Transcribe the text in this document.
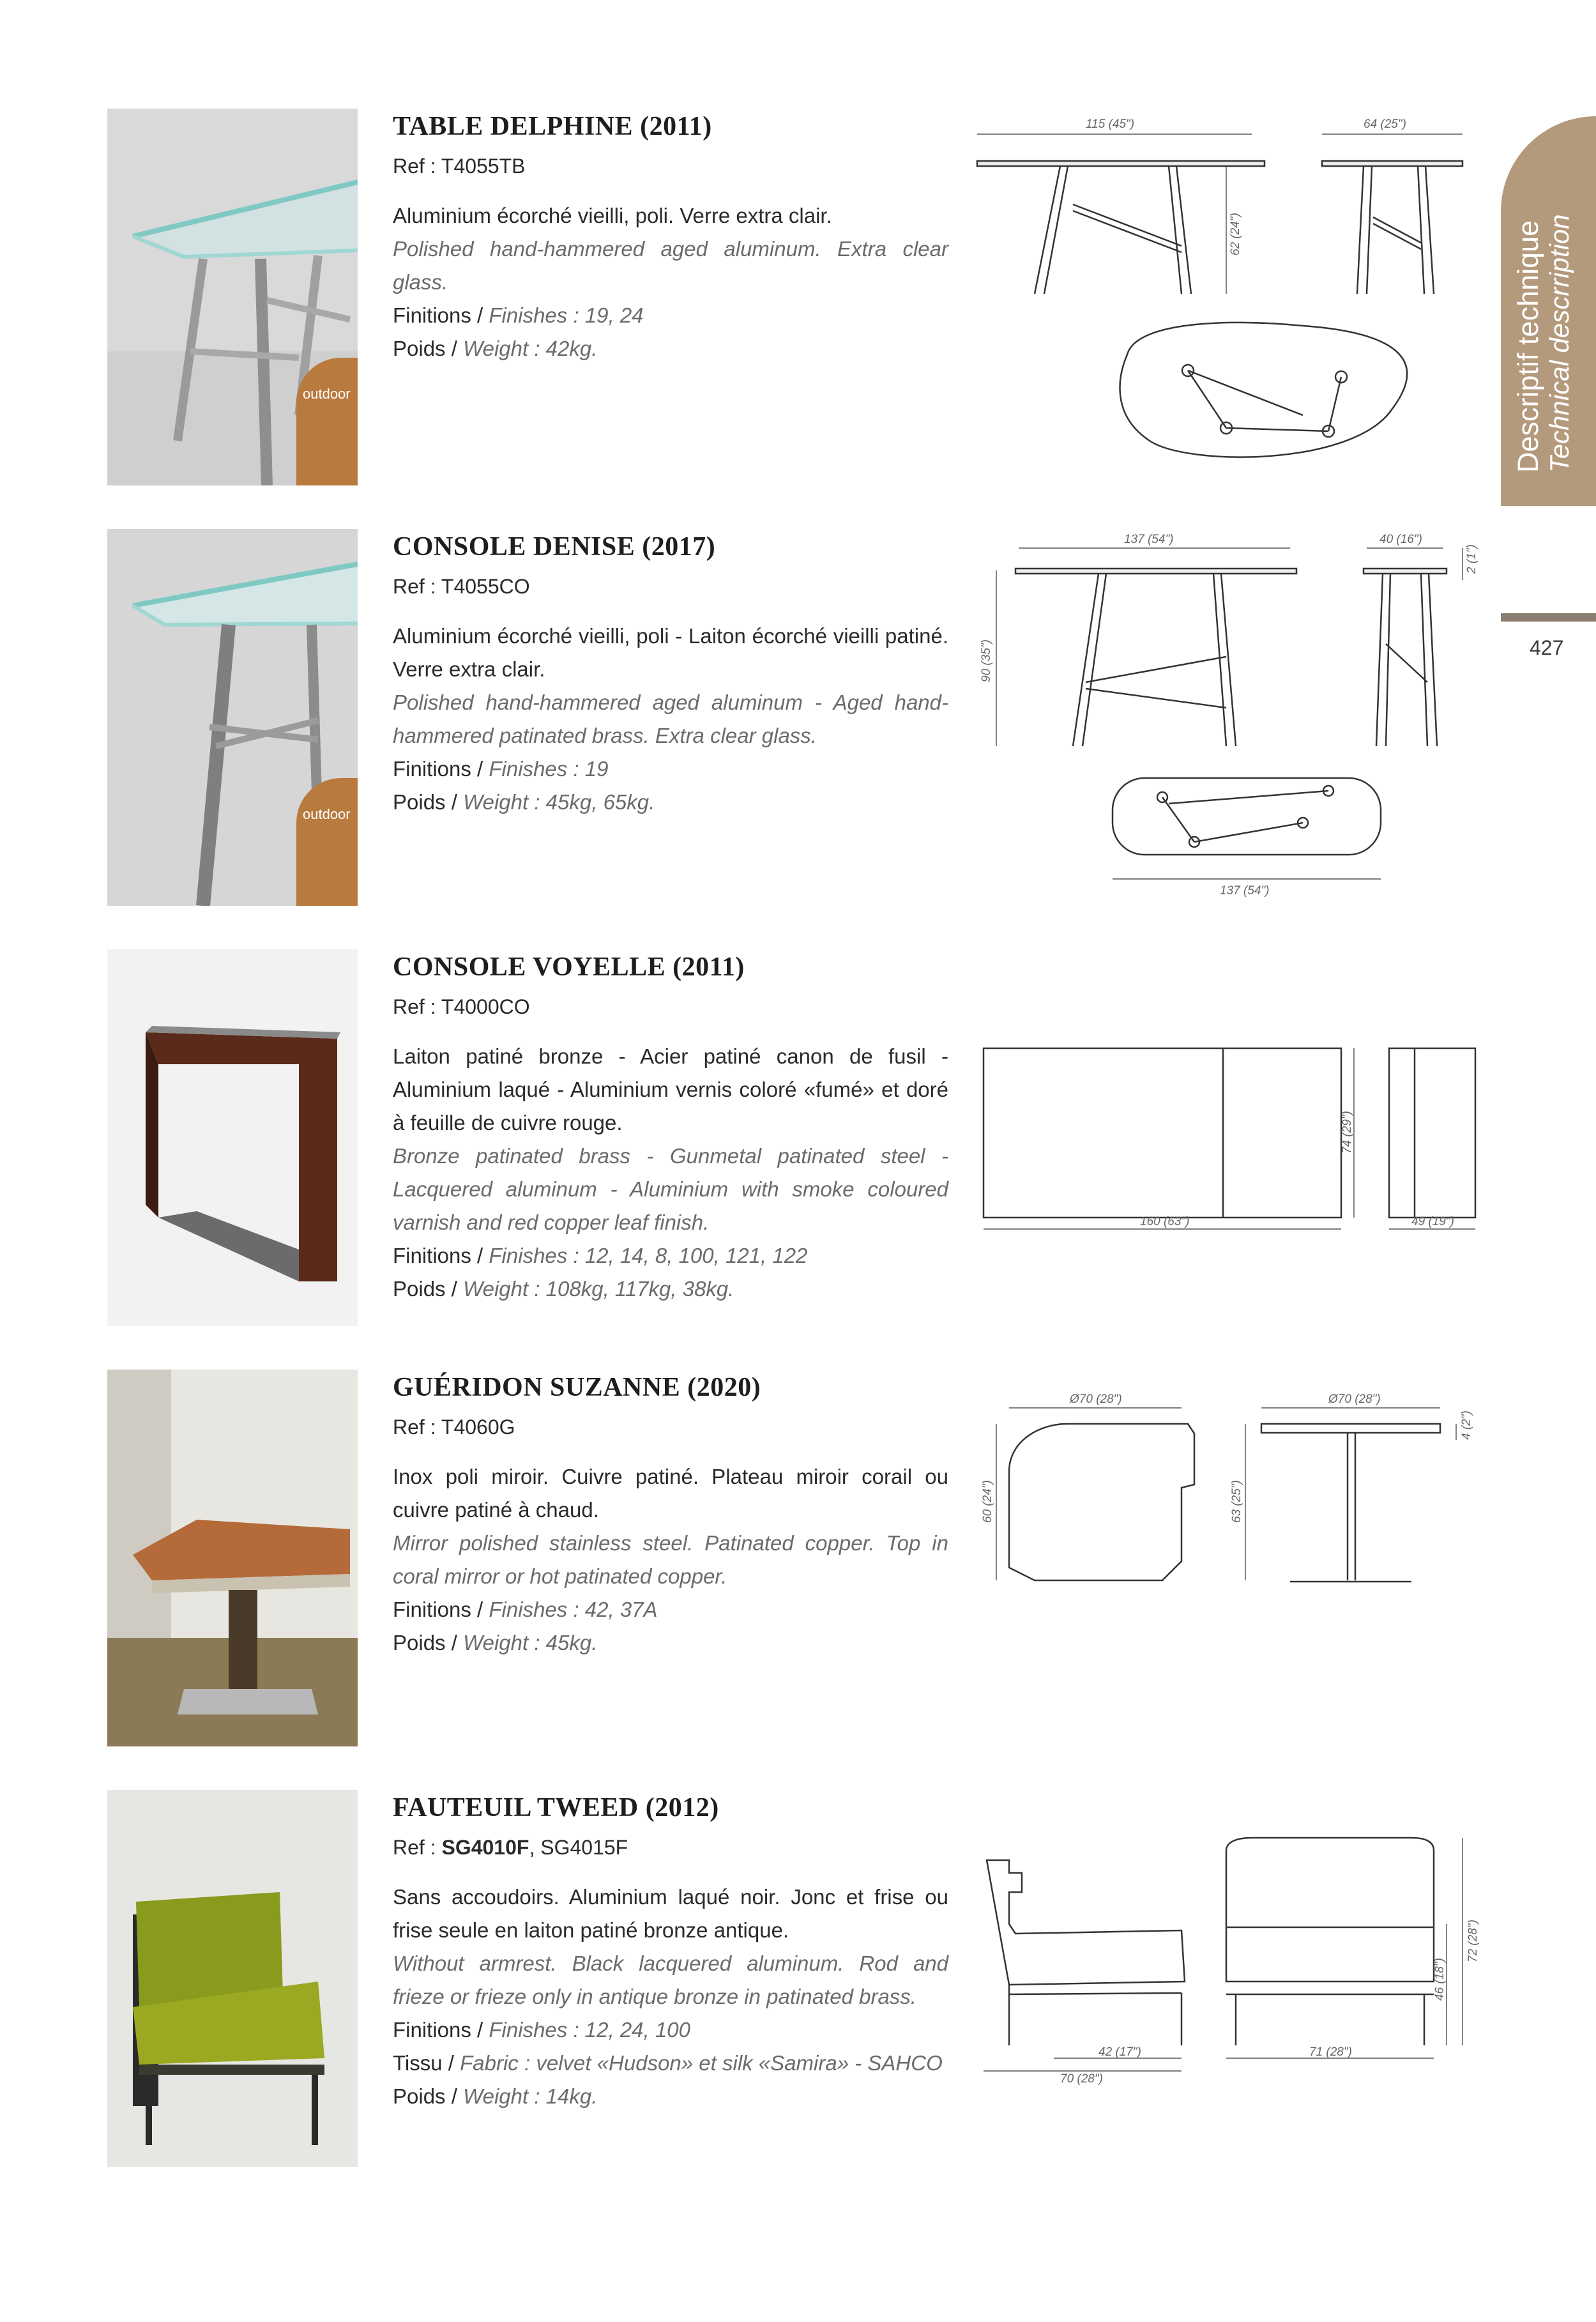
Descriptif technique Technical descrription
427
outdoor
TABLE DELPHINE (2011)
Ref : T4055TB
Aluminium écorché vieilli, poli. Verre extra clair.
Polished hand-hammered aged aluminum. Extra clear glass.
Finitions / Finishes : 19, 24
Poids / Weight : 42kg.
115 (45")	64 (25")
62 (24")
outdoor
CONSOLE DENISE (2017)
Ref : T4055CO
Aluminium écorché vieilli, poli - Laiton écorché vieilli patiné. Verre extra clair.
Polished hand-hammered aged aluminum - Aged hand-hammered patinated brass. Extra clear glass.
Finitions / Finishes : 19
Poids / Weight : 45kg, 65kg.
137 (54")	40 (16")
2 (1")
90 (35")
137 (54")
CONSOLE VOYELLE (2011)
Ref : T4000CO
Laiton patiné bronze - Acier patiné canon de fusil - Aluminium laqué - Aluminium vernis coloré «fumé» et doré à feuille de cuivre rouge.
Bronze patinated brass - Gunmetal patinated steel - Lacquered aluminum - Aluminium with smoke coloured varnish and red copper leaf finish.
Finitions / Finishes : 12, 14, 8, 100, 121, 122
Poids / Weight : 108kg, 117kg, 38kg.
160 (63")
74 (29")
49 (19")
GUÉRIDON SUZANNE (2020)
Ref : T4060G
Inox poli miroir. Cuivre patiné. Plateau miroir corail ou cuivre patiné à chaud.
Mirror polished stainless steel. Patinated copper. Top in coral mirror or hot patinated copper.
Finitions / Finishes : 42, 37A
Poids / Weight : 45kg.
Ø70 (28")	Ø70 (28")
60 (24")	63 (25")
4 (2")
FAUTEUIL TWEED (2012)
Ref : SG4010F, SG4015F
Sans accoudoirs. Aluminium laqué noir. Jonc et frise ou frise seule en laiton patiné bronze antique.
Without armrest. Black lacquered aluminum. Rod and frieze or frieze only in antique bronze in patinated brass.
Finitions / Finishes : 12, 24, 100
Tissu / Fabric : velvet «Hudson» et silk «Samira» - SAHCO
Poids / Weight : 14kg.
42 (17")
70 (28")
71 (28")
46 (18")
72 (28")
